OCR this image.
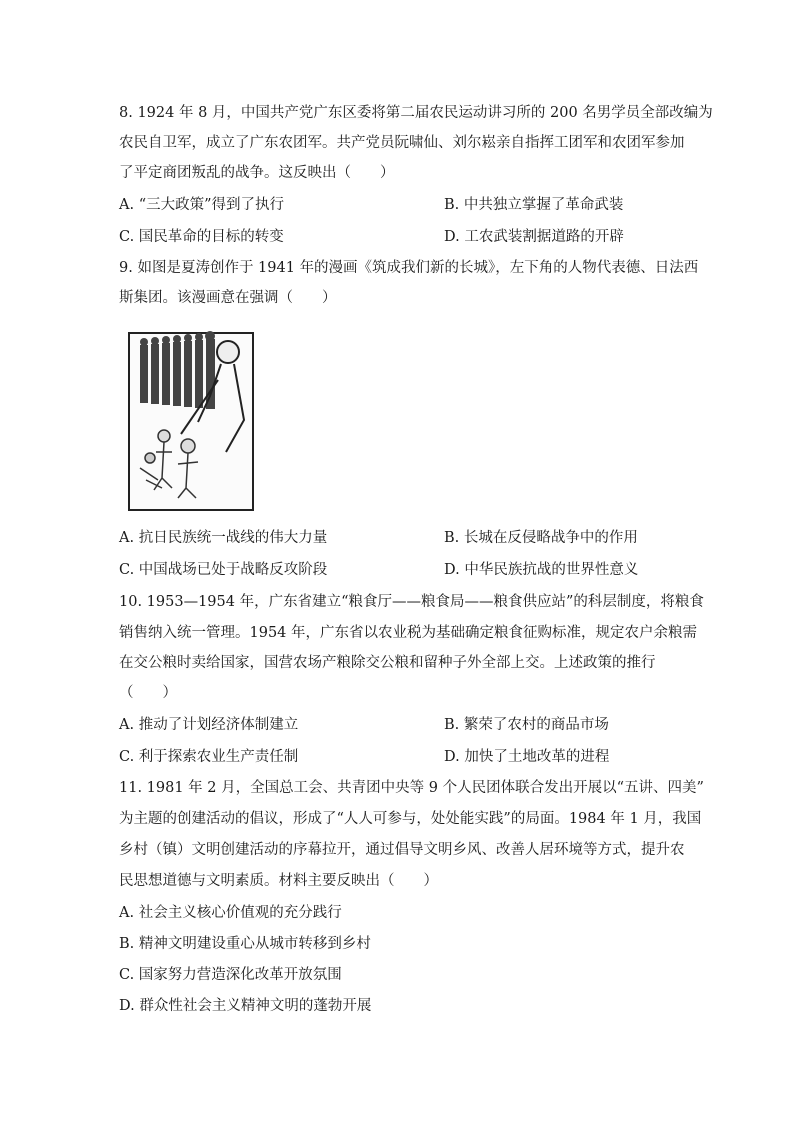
8. 1924 年 8 月，中国共产党广东区委将第二届农民运动讲习所的 200 名男学员全部改编为
农民自卫军，成立了广东农团军。共产党员阮啸仙、刘尔崧亲自指挥工团军和农团军参加
了平定商团叛乱的战争。这反映出（　　）
A. “三大政策”得到了执行	B. 中共独立掌握了革命武装
C. 国民革命的目标的转变	D. 工农武装割据道路的开辟
9. 如图是夏涛创作于 1941 年的漫画《筑成我们新的长城》，左下角的人物代表德、日法西
斯集团。该漫画意在强调（　　）
A. 抗日民族统一战线的伟大力量	B. 长城在反侵略战争中的作用
C. 中国战场已处于战略反攻阶段	D. 中华民族抗战的世界性意义
10. 1953—1954 年，广东省建立“粮食厅——粮食局——粮食供应站”的科层制度，将粮食
销售纳入统一管理。1954 年，广东省以农业税为基础确定粮食征购标准，规定农户余粮需
在交公粮时卖给国家，国营农场产粮除交公粮和留种子外全部上交。上述政策的推行
（　　）
A. 推动了计划经济体制建立	B. 繁荣了农村的商品市场
C. 利于探索农业生产责任制	D. 加快了土地改革的进程
11. 1981 年 2 月，全国总工会、共青团中央等 9 个人民团体联合发出开展以“五讲、四美”
为主题的创建活动的倡议，形成了“人人可参与，处处能实践”的局面。1984 年 1 月，我国
乡村（镇）文明创建活动的序幕拉开，通过倡导文明乡风、改善人居环境等方式，提升农
民思想道德与文明素质。材料主要反映出（　　）
A. 社会主义核心价值观的充分践行
B. 精神文明建设重心从城市转移到乡村
C. 国家努力营造深化改革开放氛围
D. 群众性社会主义精神文明的蓬勃开展
